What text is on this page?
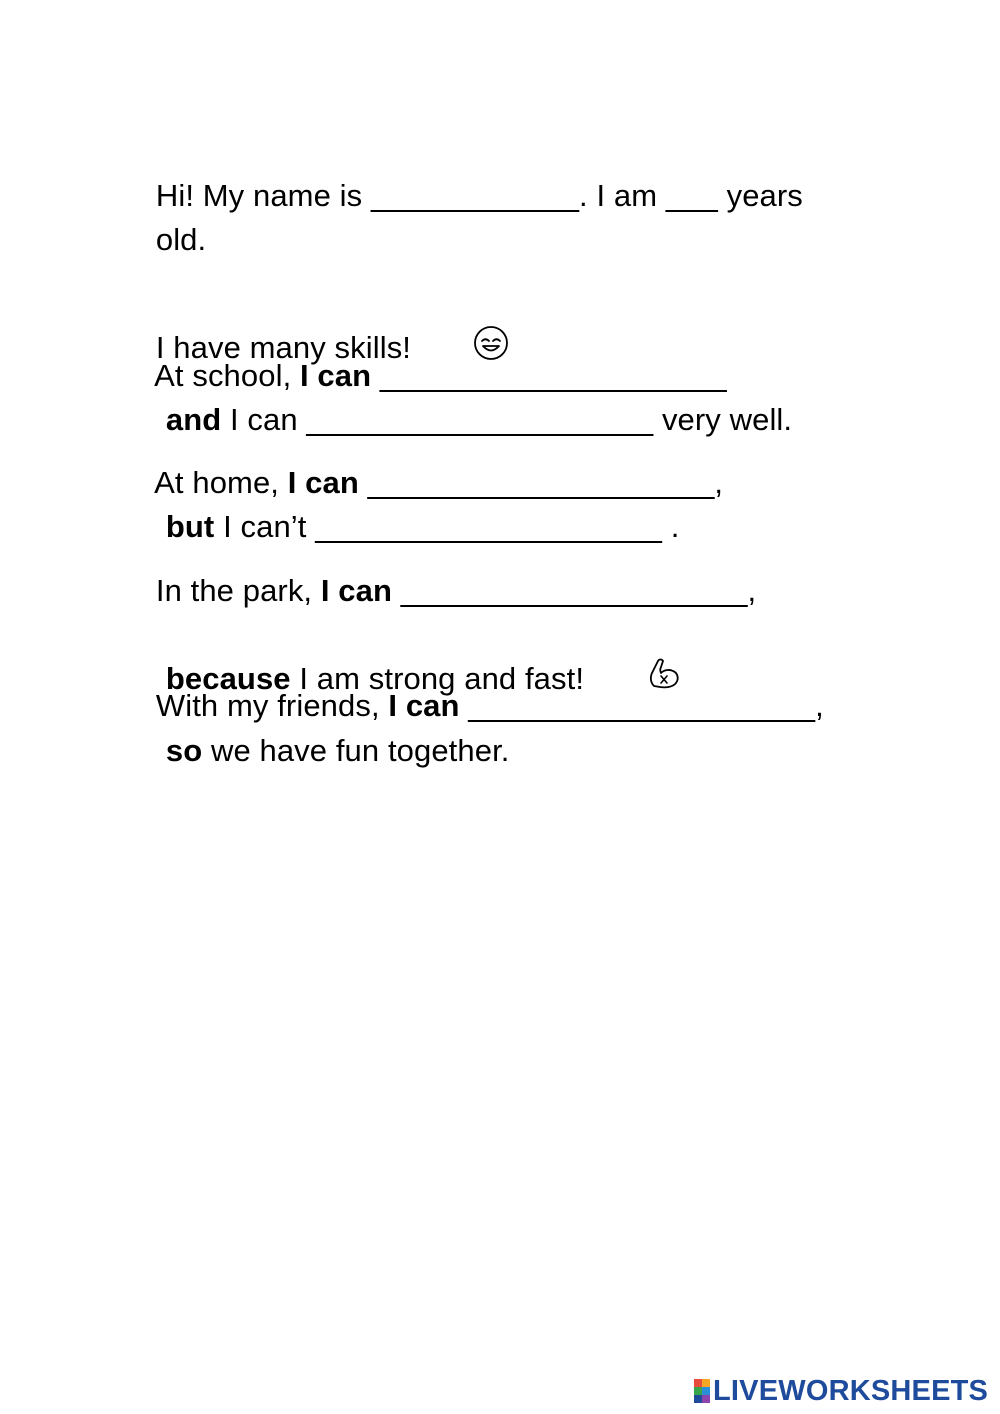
Hi! My name is ____________. I am ___ years

old.

I have many skills!

At school, I can ____________________

and I can ____________________ very well.

At home, I can ____________________,

but I can’t ____________________ .

In the park, I can ____________________,

because I am strong and fast!

With my friends, I can ____________________,

so we have fun together.

LIVEWORKSHEETS
